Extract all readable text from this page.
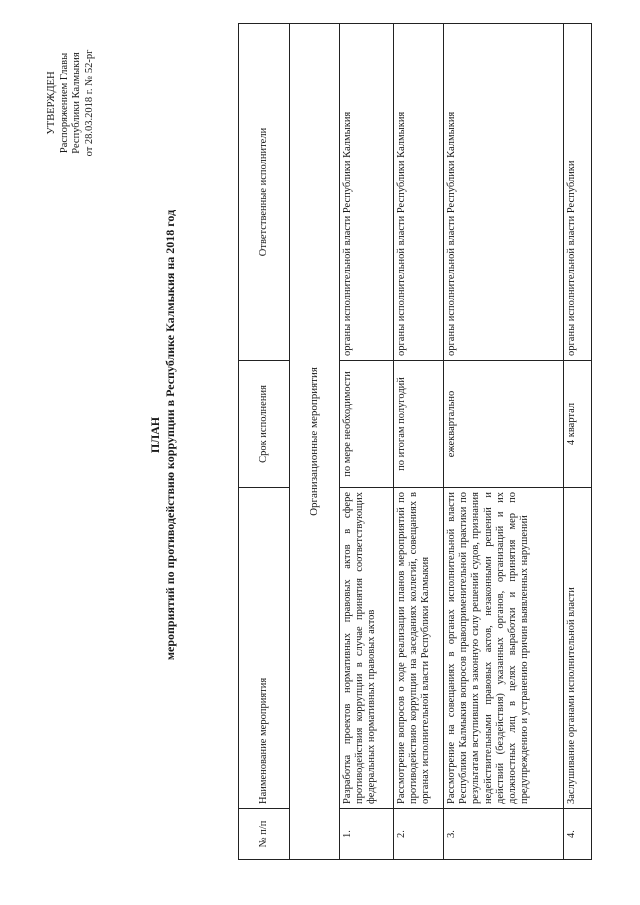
УТВЕРЖДЕН Распоряжением Главы Республики Калмыкия от 28.03.2018 г. № 52-рг
ПЛАН мероприятий по противодействию коррупции в Республике Калмыкия на 2018 год
№ п/п	Наименование мероприятия	Срок исполнения	Ответственные исполнители
Организационные мероприятия			
1.	Разработка проектов нормативных правовых актов в сфере противодействия коррупции в случае принятия соответствующих федеральных нормативных правовых актов	по мере необходимости	органы исполнительной власти Республики Калмыкия
2.	Рассмотрение вопросов о ходе реализации планов мероприятий по противодействию коррупции на заседаниях коллегий, совещаниях в органах исполнительной власти Республики Калмыкия	по итогам полугодий	органы исполнительной власти Республики Калмыкия
3.	Рассмотрение на совещаниях в органах исполнительной власти Республики Калмыкия вопросов правоприменительной практики по результатам вступивших в законную силу решений судов, признания недействительными правовых актов, незаконными решений и действий (бездействия) указанных органов, организаций и их должностных лиц в целях выработки и принятия мер по предупреждению и устранению причин выявленных нарушений	ежеквартально	органы исполнительной власти Республики Калмыкия
4.	Заслушивание органами исполнительной власти	4 квартал	органы исполнительной власти Республики
